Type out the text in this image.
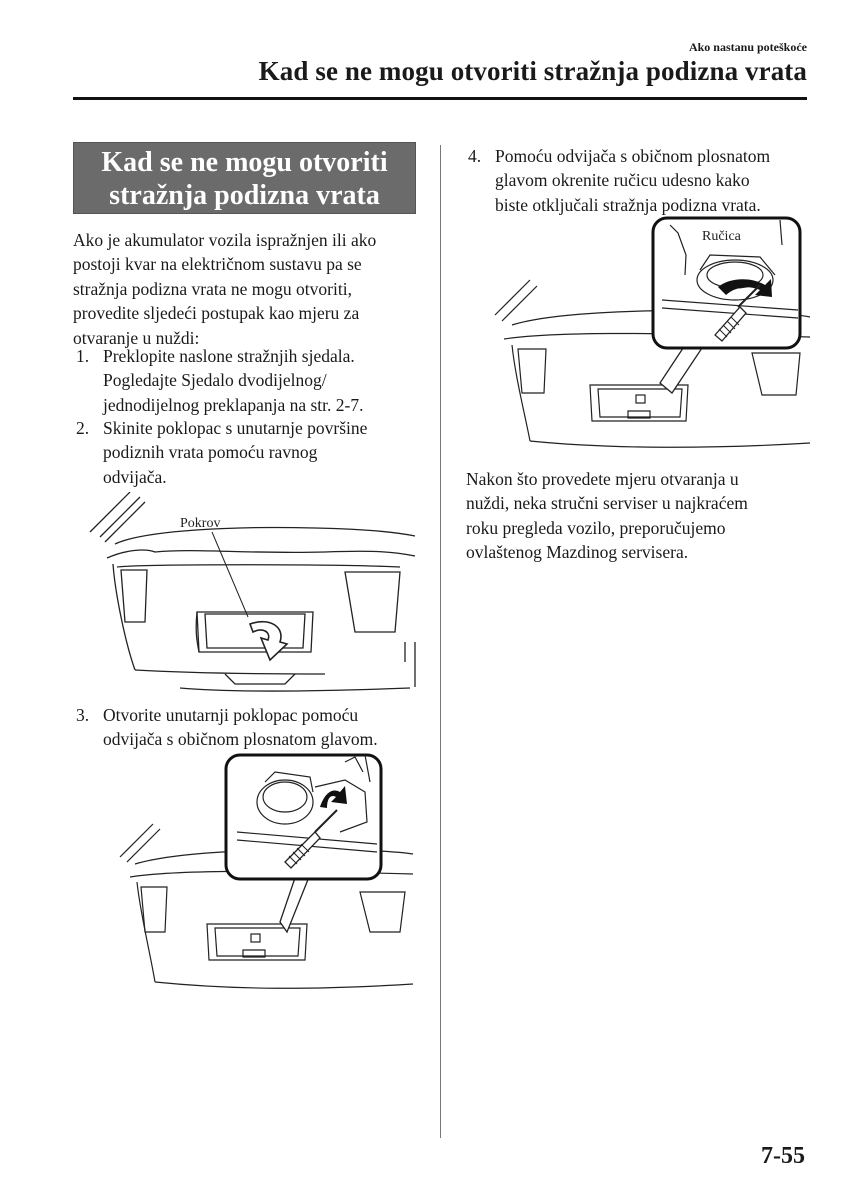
Ako nastanu poteškoće
Kad se ne mogu otvoriti stražnja podizna vrata
Kad se ne mogu otvoriti
stražnja podizna vrata
Ako je akumulator vozila ispražnjen ili ako
postoji kvar na električnom sustavu pa se
stražnja podizna vrata ne mogu otvoriti,
provedite sljedeći postupak kao mjeru za
otvaranje u nuždi:
1. Preklopite naslone stražnjih sjedala.
Pogledajte Sjedalo dvodijelnog/
jednodijelnog preklapanja na str. 2-7.
2. Skinite poklopac s unutarnje površine
podiznih vrata pomoću ravnog
odvijača.
Pokrov
3. Otvorite unutarnji poklopac pomoću
odvijača s običnom plosnatom glavom.
4. Pomoću odvijača s običnom plosnatom
glavom okrenite ručicu udesno kako
biste otključali stražnja podizna vrata.
Ručica
Nakon što provedete mjeru otvaranja u
nuždi, neka stručni serviser u najkraćem
roku pregleda vozilo, preporučujemo
ovlaštenog Mazdinog servisera.
7-55
